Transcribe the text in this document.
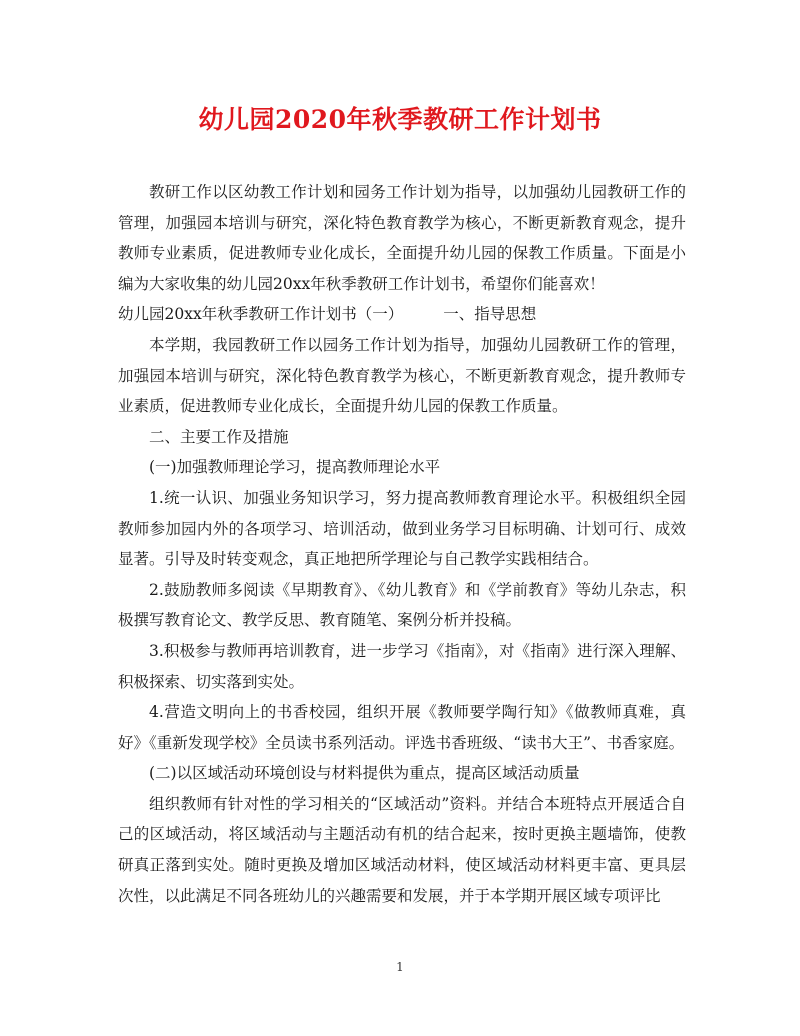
幼儿园2020年秋季教研工作计划书

教研工作以区幼教工作计划和园务工作计划为指导，以加强幼儿园教研工作的管理，加强园本培训与研究，深化特色教育教学为核心，不断更新教育观念，提升教师专业素质，促进教师专业化成长，全面提升幼儿园的保教工作质量。下面是小编为大家收集的幼儿园20xx年秋季教研工作计划书，希望你们能喜欢！

幼儿园20xx年秋季教研工作计划书（一）	一、指导思想

本学期，我园教研工作以园务工作计划为指导，加强幼儿园教研工作的管理，加强园本培训与研究，深化特色教育教学为核心，不断更新教育观念，提升教师专业素质，促进教师专业化成长，全面提升幼儿园的保教工作质量。

二、主要工作及措施

(一)加强教师理论学习，提高教师理论水平

1.统一认识、加强业务知识学习，努力提高教师教育理论水平。积极组织全园教师参加园内外的各项学习、培训活动，做到业务学习目标明确、计划可行、成效显著。引导及时转变观念，真正地把所学理论与自己教学实践相结合。

2.鼓励教师多阅读《早期教育》、《幼儿教育》和《学前教育》等幼儿杂志，积极撰写教育论文、教学反思、教育随笔、案例分析并投稿。

3.积极参与教师再培训教育，进一步学习《指南》，对《指南》进行深入理解、积极探索、切实落到实处。

4.营造文明向上的书香校园，组织开展《教师要学陶行知》《做教师真难，真好》《重新发现学校》全员读书系列活动。评选书香班级、“读书大王”、书香家庭。

(二)以区域活动环境创设与材料提供为重点，提高区域活动质量

组织教师有针对性的学习相关的“区域活动”资料。并结合本班特点开展适合自己的区域活动，将区域活动与主题活动有机的结合起来，按时更换主题墙饰，使教研真正落到实处。随时更换及增加区域活动材料，使区域活动材料更丰富、更具层次性，以此满足不同各班幼儿的兴趣需要和发展，并于本学期开展区域专项评比

1
